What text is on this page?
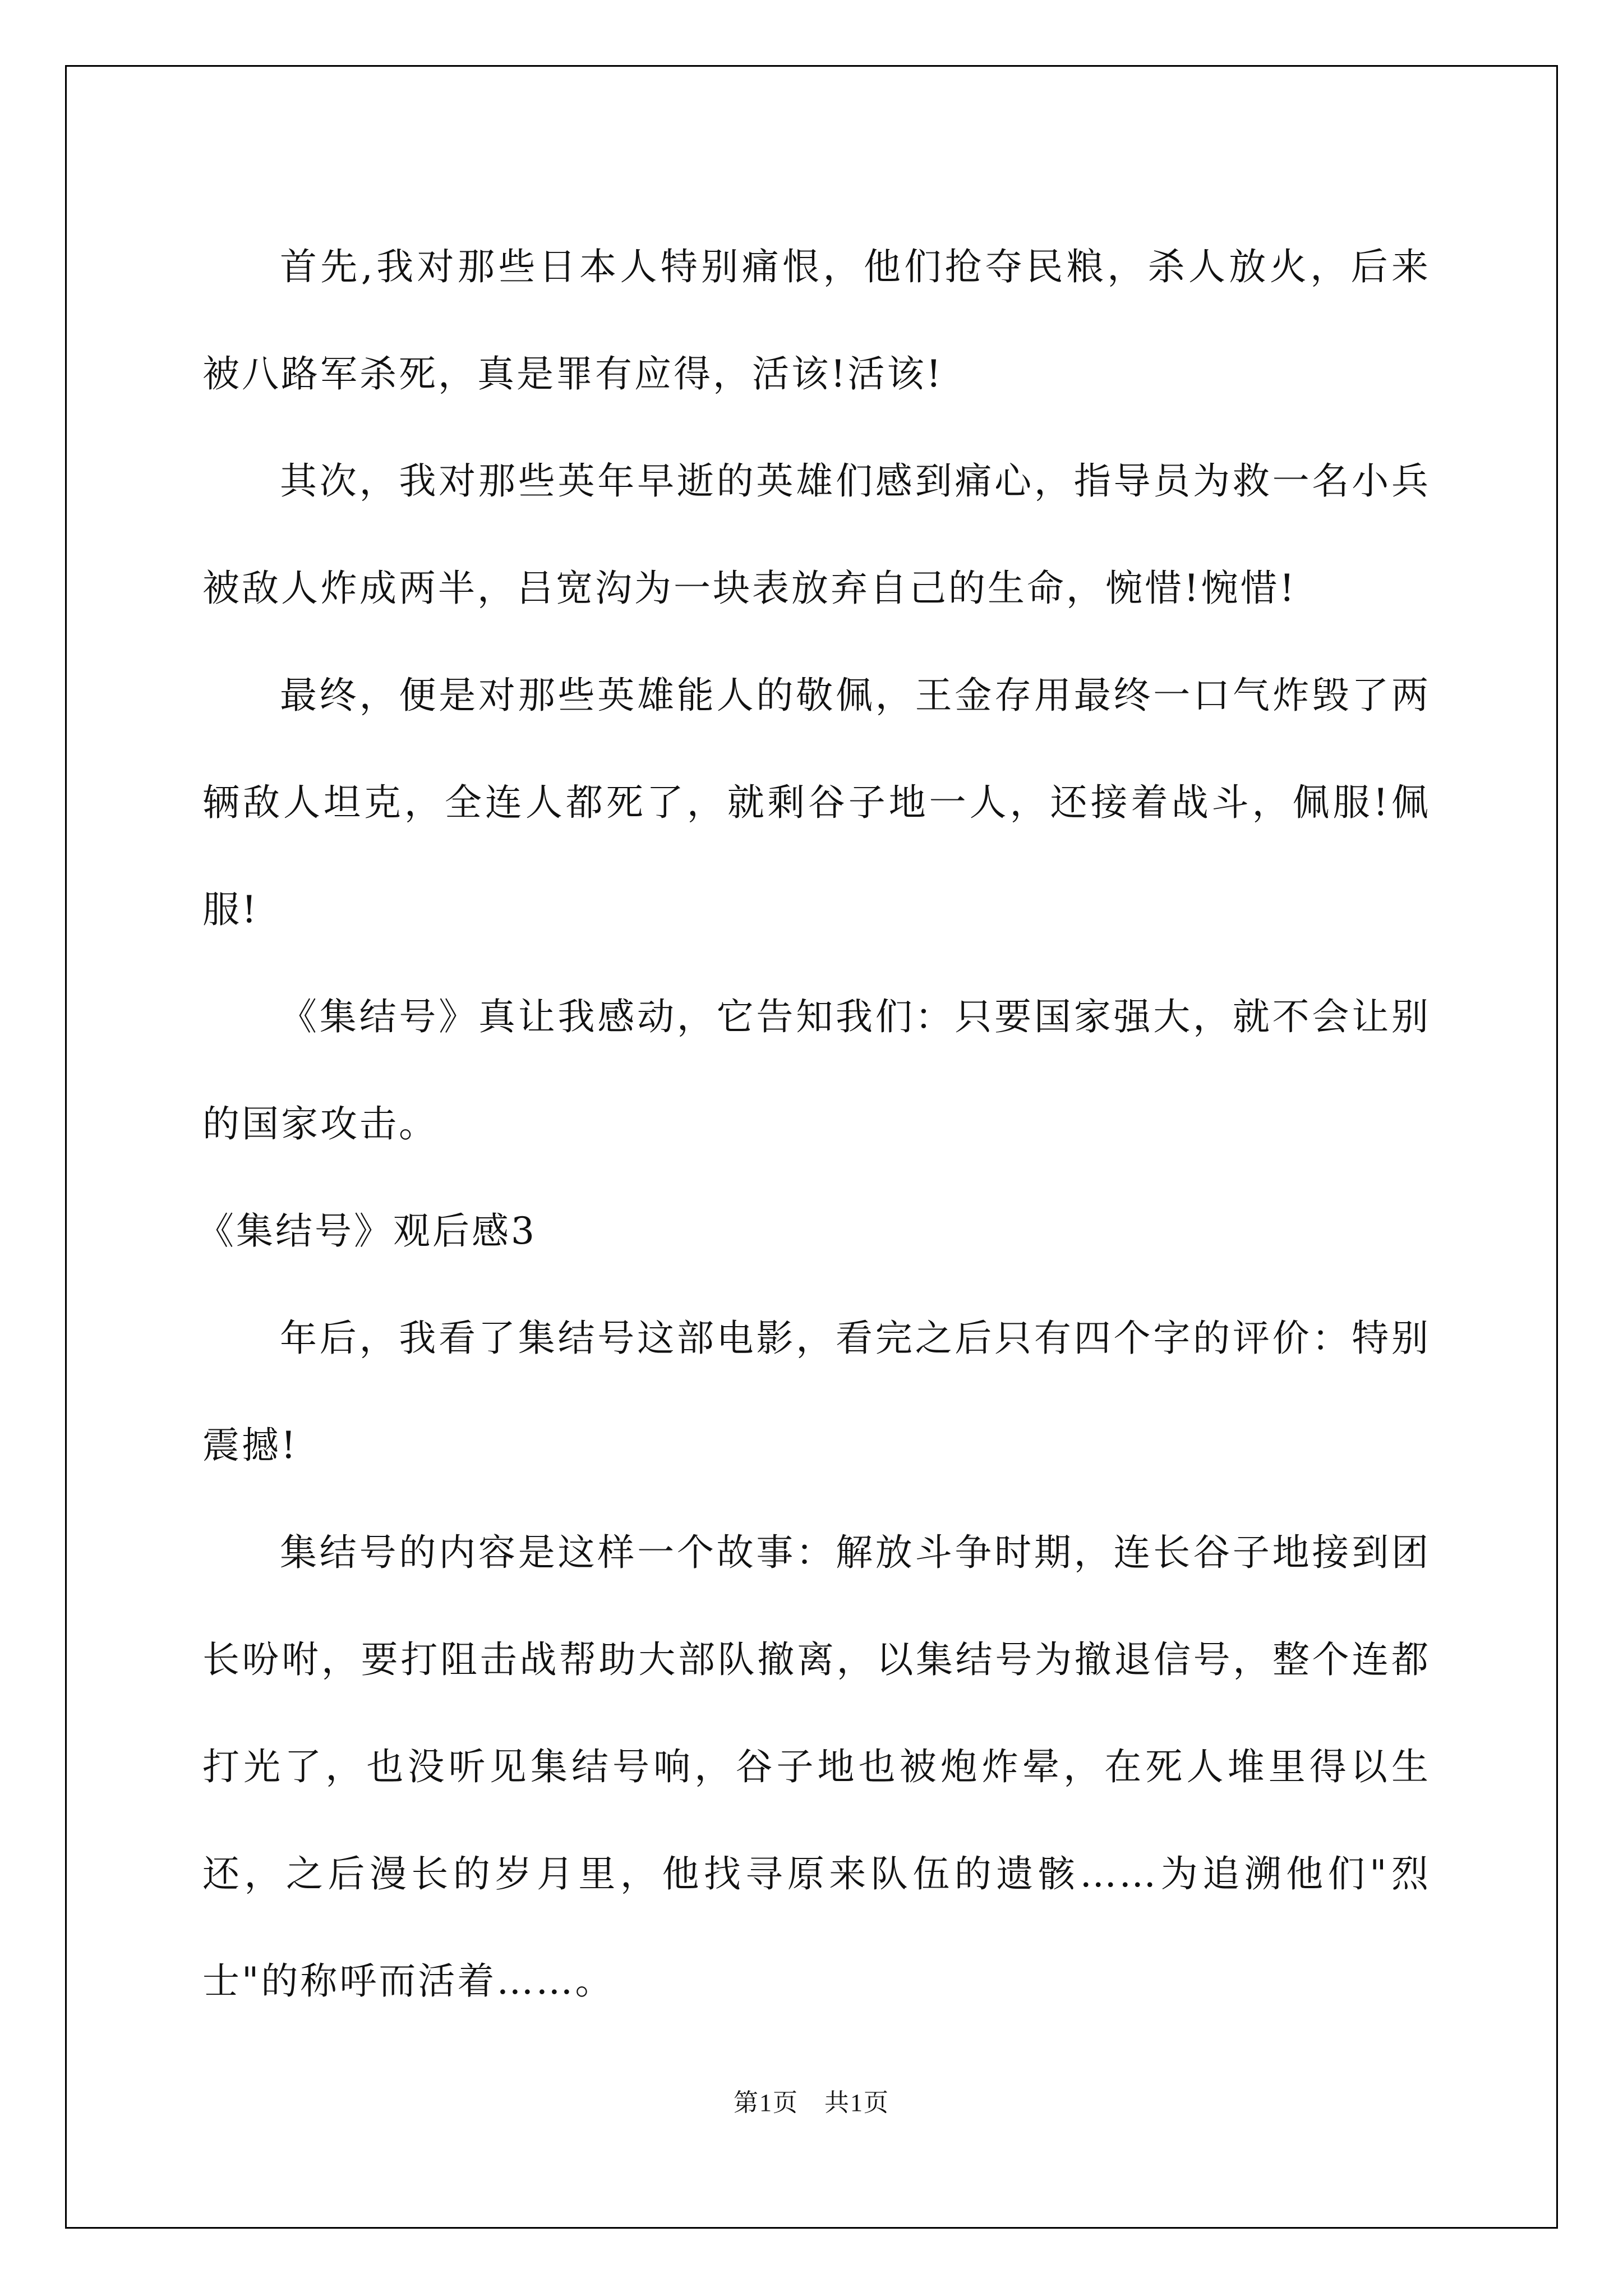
首先,我对那些日本人特别痛恨，他们抢夺民粮，杀人放火，后来被八路军杀死，真是罪有应得，活该!活该!

其次，我对那些英年早逝的英雄们感到痛心，指导员为救一名小兵被敌人炸成两半，吕宽沟为一块表放弃自己的生命，惋惜!惋惜!

最终，便是对那些英雄能人的敬佩，王金存用最终一口气炸毁了两辆敌人坦克，全连人都死了，就剩谷子地一人，还接着战斗，佩服!佩服!

《集结号》真让我感动，它告知我们：只要国家强大，就不会让别的国家攻击。

《集结号》观后感3

年后，我看了集结号这部电影，看完之后只有四个字的评价：特别震撼!

集结号的内容是这样一个故事：解放斗争时期，连长谷子地接到团长吩咐，要打阻击战帮助大部队撤离，以集结号为撤退信号，整个连都打光了，也没听见集结号响，谷子地也被炮炸晕，在死人堆里得以生还，之后漫长的岁月里，他找寻原来队伍的遗骸……为追溯他们"烈士"的称呼而活着……。

第1页　共1页
